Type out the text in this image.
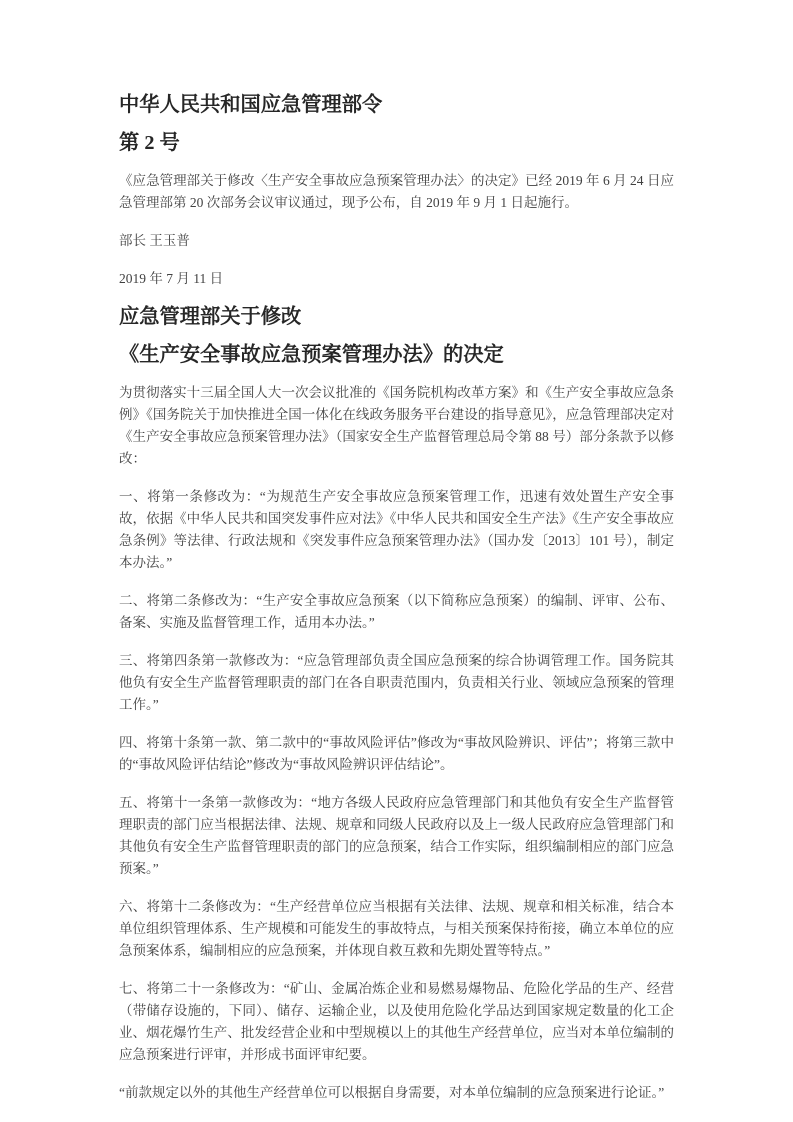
中华人民共和国应急管理部令
第 2 号

《应急管理部关于修改〈生产安全事故应急预案管理办法〉的决定》已经 2019 年 6 月 24 日应急管理部第 20 次部务会议审议通过，现予公布，自 2019 年 9 月 1 日起施行。

部长 王玉普

2019 年 7 月 11 日

应急管理部关于修改
《生产安全事故应急预案管理办法》的决定

为贯彻落实十三届全国人大一次会议批准的《国务院机构改革方案》和《生产安全事故应急条例》《国务院关于加快推进全国一体化在线政务服务平台建设的指导意见》，应急管理部决定对《生产安全事故应急预案管理办法》（国家安全生产监督管理总局令第 88 号）部分条款予以修改：

一、将第一条修改为：“为规范生产安全事故应急预案管理工作，迅速有效处置生产安全事故，依据《中华人民共和国突发事件应对法》《中华人民共和国安全生产法》《生产安全事故应急条例》等法律、行政法规和《突发事件应急预案管理办法》（国办发〔2013〕101 号），制定本办法。”

二、将第二条修改为：“生产安全事故应急预案（以下简称应急预案）的编制、评审、公布、备案、实施及监督管理工作，适用本办法。”

三、将第四条第一款修改为：“应急管理部负责全国应急预案的综合协调管理工作。国务院其他负有安全生产监督管理职责的部门在各自职责范围内，负责相关行业、领域应急预案的管理工作。”

四、将第十条第一款、第二款中的“事故风险评估”修改为“事故风险辨识、评估”；将第三款中的“事故风险评估结论”修改为“事故风险辨识评估结论”。

五、将第十一条第一款修改为：“地方各级人民政府应急管理部门和其他负有安全生产监督管理职责的部门应当根据法律、法规、规章和同级人民政府以及上一级人民政府应急管理部门和其他负有安全生产监督管理职责的部门的应急预案，结合工作实际，组织编制相应的部门应急预案。”

六、将第十二条修改为：“生产经营单位应当根据有关法律、法规、规章和相关标准，结合本单位组织管理体系、生产规模和可能发生的事故特点，与相关预案保持衔接，确立本单位的应急预案体系，编制相应的应急预案，并体现自救互救和先期处置等特点。”

七、将第二十一条修改为：“矿山、金属冶炼企业和易燃易爆物品、危险化学品的生产、经营（带储存设施的，下同）、储存、运输企业，以及使用危险化学品达到国家规定数量的化工企业、烟花爆竹生产、批发经营企业和中型规模以上的其他生产经营单位，应当对本单位编制的应急预案进行评审，并形成书面评审纪要。

“前款规定以外的其他生产经营单位可以根据自身需要，对本单位编制的应急预案进行论证。”
